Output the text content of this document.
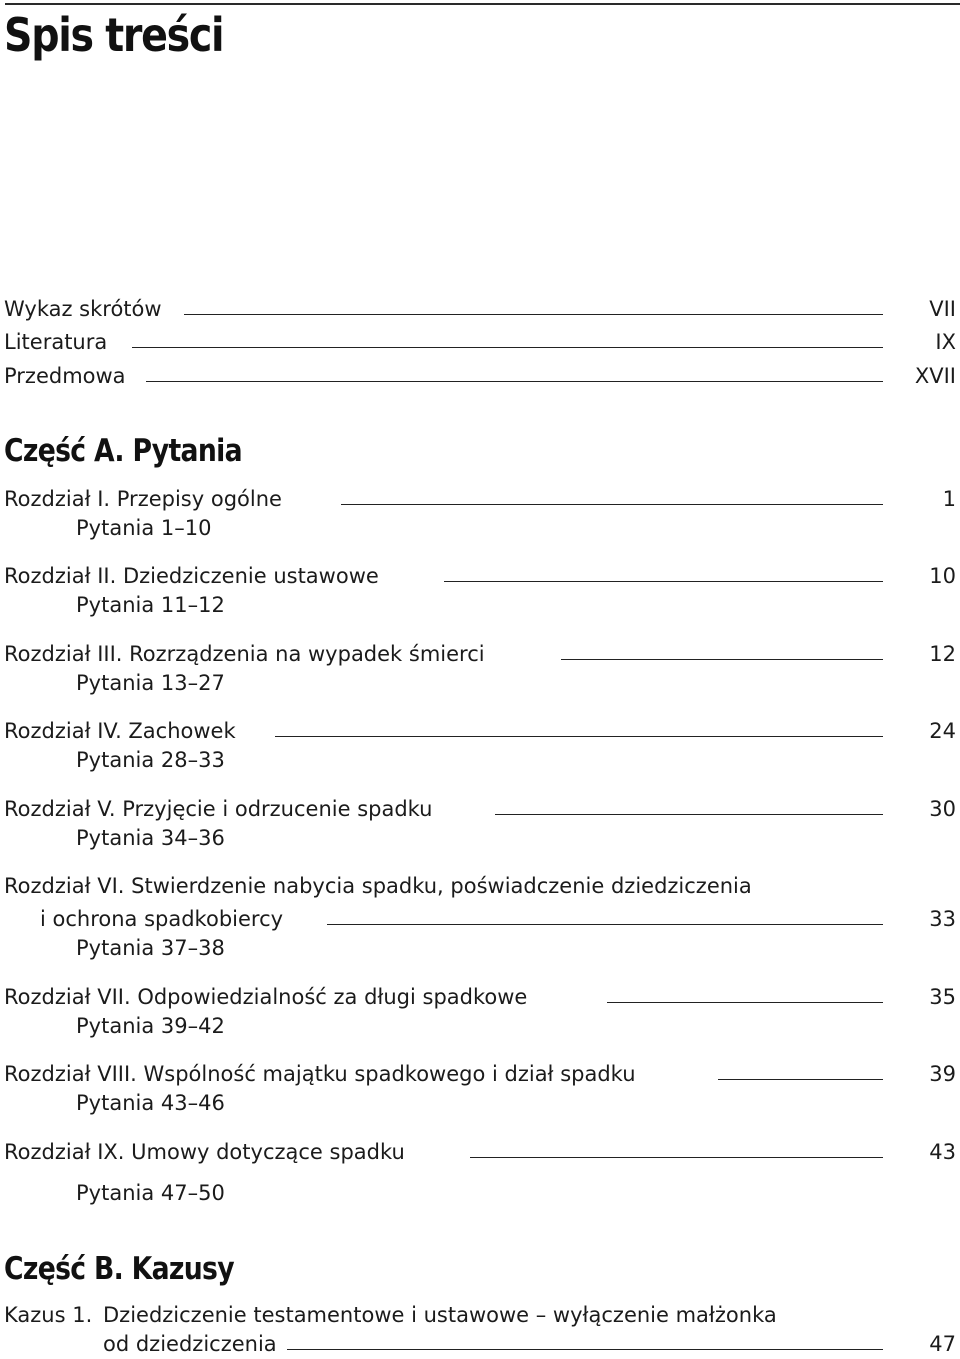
Spis treści
Wykaz skrótów	VII
Literatura	IX
Przedmowa	XVII
Część A. Pytania
Rozdział I. Przepisy ogólne	1
Pytania 1–10
Rozdział II. Dziedziczenie ustawowe	10
Pytania 11–12
Rozdział III. Rozrządzenia na wypadek śmierci	12
Pytania 13–27
Rozdział IV. Zachowek	24
Pytania 28–33
Rozdział V. Przyjęcie i odrzucenie spadku	30
Pytania 34–36
Rozdział VI. Stwierdzenie nabycia spadku, poświadczenie dziedziczenia
i ochrona spadkobiercy	33
Pytania 37–38
Rozdział VII. Odpowiedzialność za długi spadkowe	35
Pytania 39–42
Rozdział VIII. Wspólność majątku spadkowego i dział spadku	39
Pytania 43–46
Rozdział IX. Umowy dotyczące spadku	43
Pytania 47–50
Część B. Kazusy
Kazus 1. Dziedziczenie testamentowe i ustawowe – wyłączenie małżonka
od dziedziczenia	47
